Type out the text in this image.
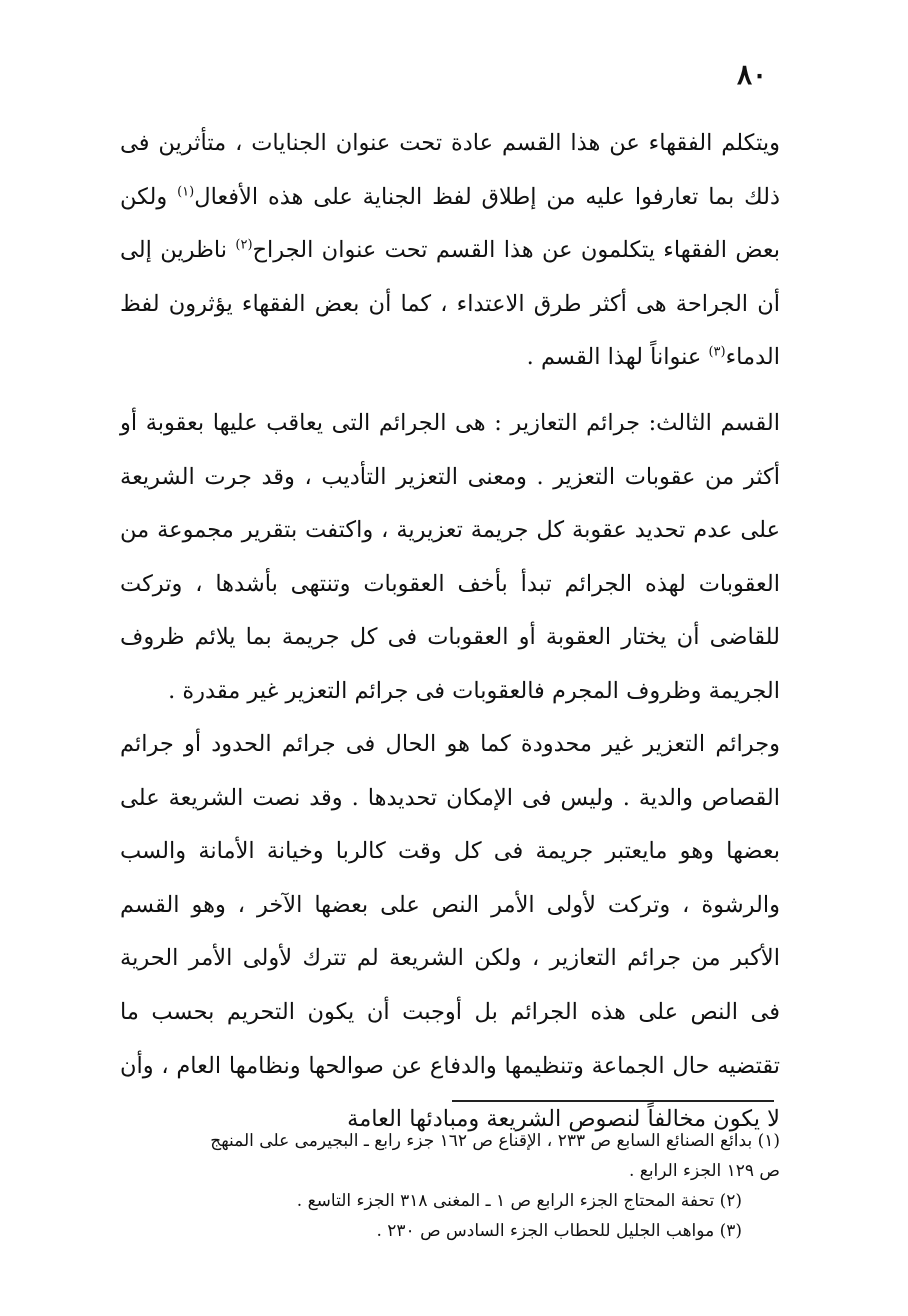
٨٠

ويتكلم الفقهاء عن هذا القسم عادة تحت عنوان الجنايات ، متأثرين فى ذلك بما تعارفوا عليه من إطلاق لفظ الجناية على هذه الأفعال$^{(١)}$ ولكن بعض الفقهاء يتكلمون عن هذا القسم تحت عنوان الجراح$^{(٢)}$ ناظرين إلى أن الجراحة هى أكثر طرق الاعتداء ، كما أن بعض الفقهاء يؤثرون لفظ الدماء$^{(٣)}$ عنواناً لهذا القسم .

القسم الثالث: جرائم التعازير : هى الجرائم التى يعاقب عليها بعقوبة أو أكثر من عقوبات التعزير . ومعنى التعزير التأديب ، وقد جرت الشريعة على عدم تحديد عقوبة كل جريمة تعزيرية ، واكتفت بتقرير مجموعة من العقوبات لهذه الجرائم تبدأ بأخف العقوبات وتنتهى بأشدها ، وتركت للقاضى أن يختار العقوبة أو العقوبات فى كل جريمة بما يلائم ظروف الجريمة وظروف المجرم فالعقوبات فى جرائم التعزير غير مقدرة .

وجرائم التعزير غير محدودة كما هو الحال فى جرائم الحدود أو جرائم القصاص والدية . وليس فى الإمكان تحديدها . وقد نصت الشريعة على بعضها وهو مايعتبر جريمة فى كل وقت كالربا وخيانة الأمانة والسب والرشوة ، وتركت لأولى الأمر النص على بعضها الآخر ، وهو القسم الأكبر من جرائم التعازير ، ولكن الشريعة لم تترك لأولى الأمر الحرية فى النص على هذه الجرائم بل أوجبت أن يكون التحريم بحسب ما تقتضيه حال الجماعة وتنظيمها والدفاع عن صوالحها ونظامها العام ، وأن لا يكون مخالفاً لنصوص الشريعة ومبادئها العامة

(١) بدائع الصنائع السابع ص ٢٣٣ ، الإقناع ص ١٦٢ جزء رابع ـ البجيرمى على المنهج

ص ١٢٩ الجزء الرابع .

(٢) تحفة المحتاج الجزء الرابع ص ١ ـ المغنى ٣١٨ الجزء التاسع .

(٣) مواهب الجليل للحطاب الجزء السادس ص ٢٣٠ .
